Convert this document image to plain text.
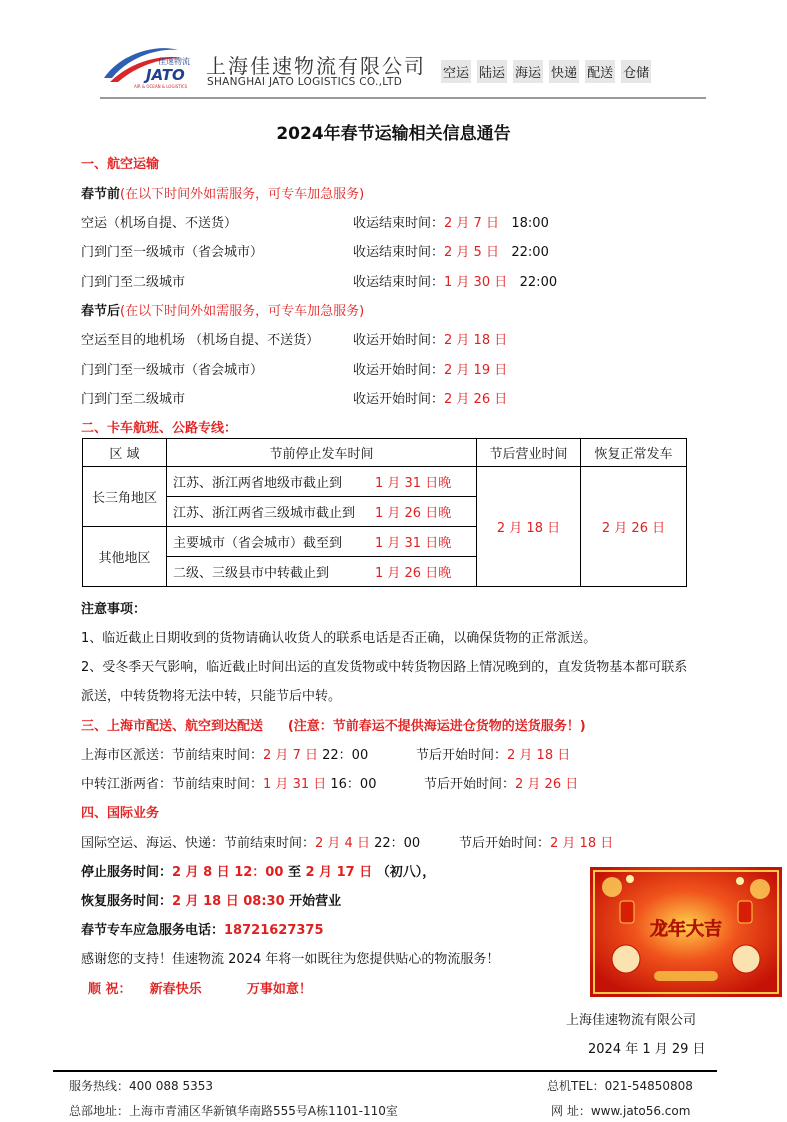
佳速物流
JATO
AIR & OCEAN & LOGISTICS
上海佳速物流有限公司
SHANGHAI JATO LOGISTICS CO.,LTD
空运 陆运 海运 快递 配送 仓储
2024年春节运输相关信息通告
一、航空运输
春节前(在以下时间外如需服务，可专车加急服务)
空运（机场自提、不送货）	收运结束时间：2 月 7 日 18:00
门到门至一级城市（省会城市）	收运结束时间：2 月 5 日 22:00
门到门至二级城市	收运结束时间：1 月 30 日 22:00
春节后(在以下时间外如需服务，可专车加急服务)
空运至目的地机场 （机场自提、不送货）	收运开始时间：2 月 18 日
门到门至一级城市（省会城市）	收运开始时间：2 月 19 日
门到门至二级城市	收运开始时间：2 月 26 日
二、卡车航班、公路专线：
区 域	节前停止发车时间	节后营业时间	恢复正常发车
长三角地区	江苏、浙江两省地级市截止到 1 月 31 日晚	2 月 18 日	2 月 26 日
	江苏、浙江两省三级城市截止到 1 月 26 日晚		
其他地区	主要城市（省会城市）截至到 1 月 31 日晚		
	二级、三级县市中转截止到 1 月 26 日晚		
注意事项：
1、临近截止日期收到的货物请确认收货人的联系电话是否正确，以确保货物的正常派送。
2、受冬季天气影响，临近截止时间出运的直发货物或中转货物因路上情况晚到的，直发货物基本都可联系
派送，中转货物将无法中转，只能节后中转。
三、上海市配送、航空到达配送 (注意：节前春运不提供海运进仓货物的送货服务！)
上海市区派送：节前结束时间：2 月 7 日 22：00	节后开始时间：2 月 18 日
中转江浙两省：节前结束时间：1 月 31 日 16：00	节后开始时间：2 月 26 日
四、国际业务
国际空运、海运、快递：节前结束时间：2 月 4 日 22：00	节后开始时间：2 月 18 日
停止服务时间：2 月 8 日 12：00 至 2 月 17 日 （初八），
恢复服务时间：2 月 18 日 08:30 开始营业
春节专车应急服务电话：18721627375
感谢您的支持！佳速物流 2024 年将一如既往为您提供贴心的物流服务！
顺 祝： 新春快乐	万事如意！
龙年大吉
上海佳速物流有限公司
2024 年 1 月 29 日
服务热线：400 088 5353	总机TEL：021-54850808
总部地址：上海市青浦区华新镇华南路555号A栋1101-110室	网 址：www.jato56.com
